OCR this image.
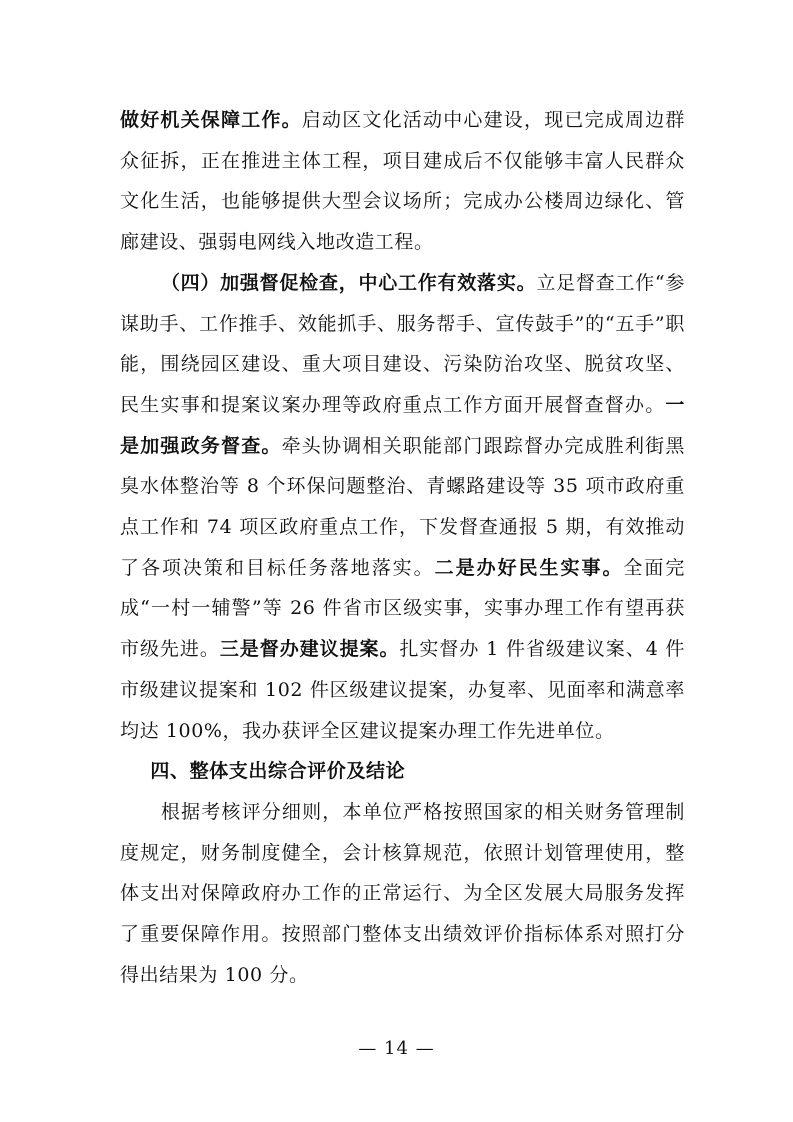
做好机关保障工作。启动区文化活动中心建设，现已完成周边群众征拆，正在推进主体工程，项目建成后不仅能够丰富人民群众文化生活，也能够提供大型会议场所；完成办公楼周边绿化、管廊建设、强弱电网线入地改造工程。

（四）加强督促检查，中心工作有效落实。立足督查工作“参谋助手、工作推手、效能抓手、服务帮手、宣传鼓手”的“五手”职能，围绕园区建设、重大项目建设、污染防治攻坚、脱贫攻坚、民生实事和提案议案办理等政府重点工作方面开展督查督办。一是加强政务督查。牵头协调相关职能部门跟踪督办完成胜利街黑臭水体整治等 8 个环保问题整治、青螺路建设等 35 项市政府重点工作和 74 项区政府重点工作，下发督查通报 5 期，有效推动了各项决策和目标任务落地落实。二是办好民生实事。全面完成“一村一辅警”等 26 件省市区级实事，实事办理工作有望再获市级先进。三是督办建议提案。扎实督办 1 件省级建议案、4 件市级建议提案和 102 件区级建议提案，办复率、见面率和满意率均达 100%，我办获评全区建议提案办理工作先进单位。

四、整体支出综合评价及结论

根据考核评分细则，本单位严格按照国家的相关财务管理制度规定，财务制度健全，会计核算规范，依照计划管理使用，整体支出对保障政府办工作的正常运行、为全区发展大局服务发挥了重要保障作用。按照部门整体支出绩效评价指标体系对照打分得出结果为 100 分。

— 14 —
